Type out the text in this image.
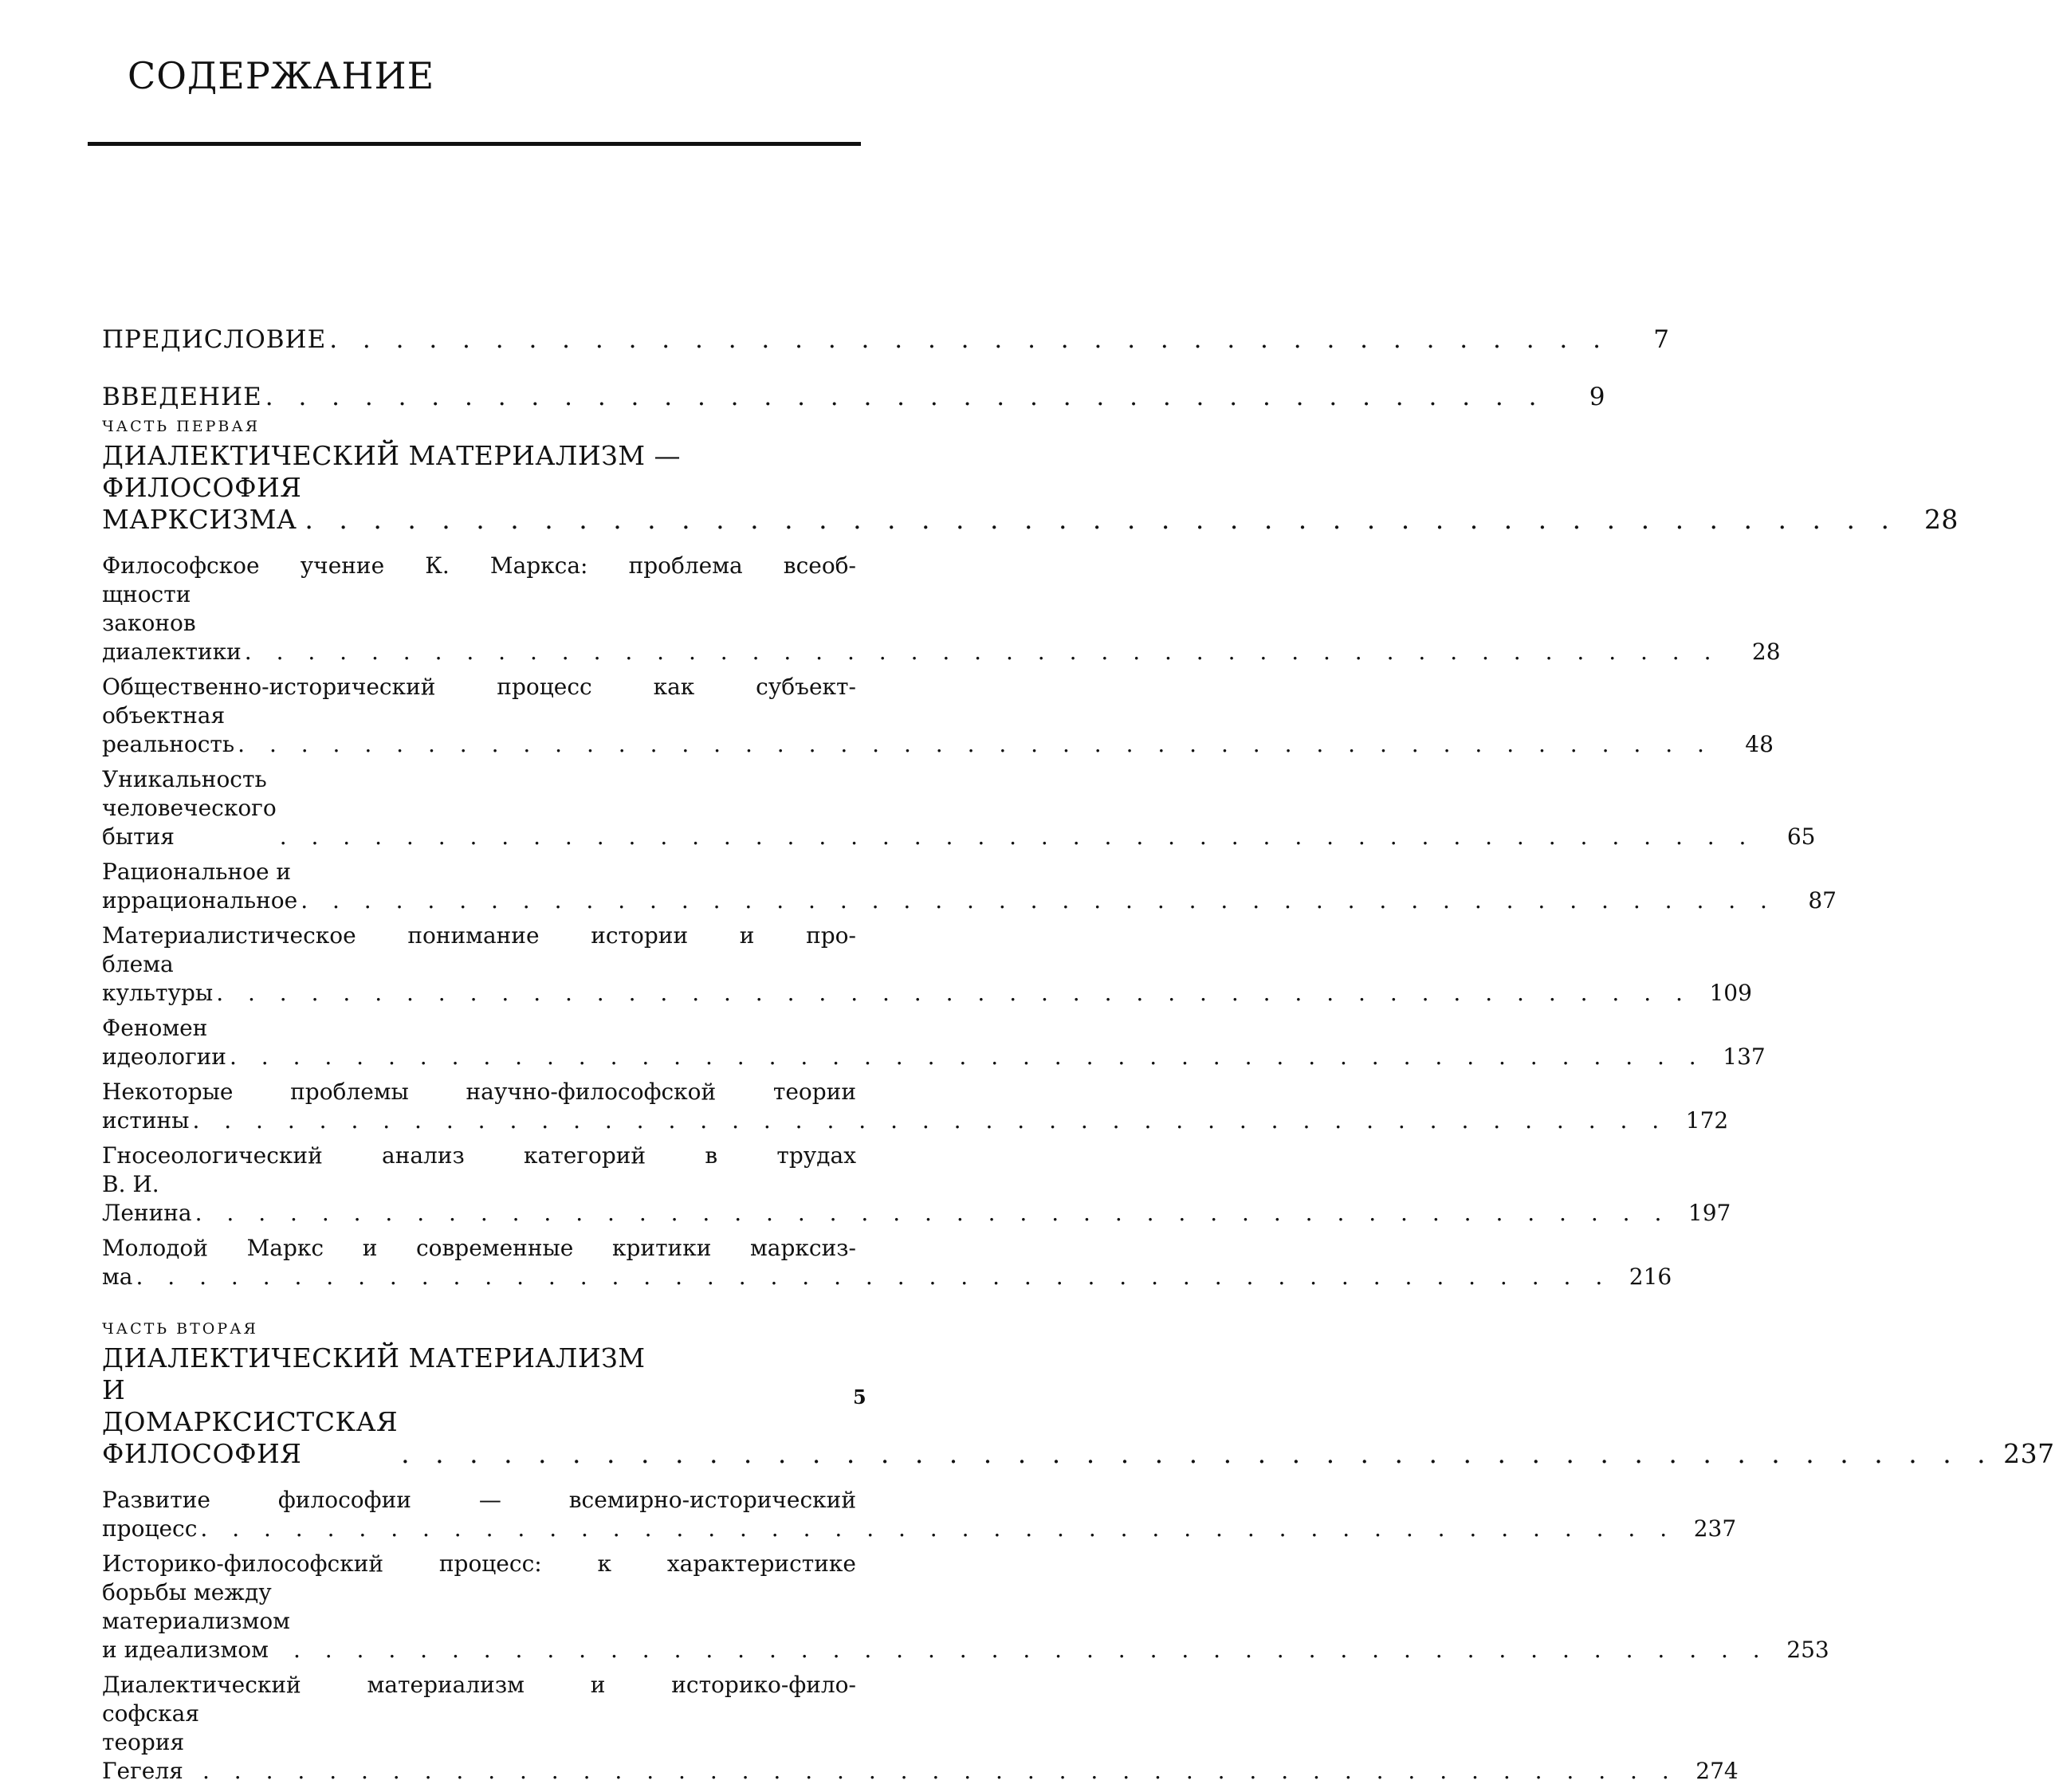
СОДЕРЖАНИЕ
ПРЕДИСЛОВИЕ . . . . . . . . . . . . . . . . . . . . . . . . . . . . . . . . . . . . . . .	7
ВВЕДЕНИЕ . . . . . . . . . . . . . . . . . . . . . . . . . . . . . . . . . . . . . . .	9
ЧАСТЬ ПЕРВАЯ
ДИАЛЕКТИЧЕСКИЙ МАТЕРИАЛИЗМ —
ФИЛОСОФИЯ МАРКСИЗМА . . . . . . . . . . . . . . . . . . . . . . . . . . . . . . . . . . . . . . . . . . . . . . .	28
Философское учение К. Маркса: проблема всеоб-
щности законов диалектики . . . . . . . . . . . . . . . . . . . . . . . . . . . . . . . . . . . . . . . . . . . . . . .	28
Общественно-исторический процесс как субъект-
объектная реальность . . . . . . . . . . . . . . . . . . . . . . . . . . . . . . . . . . . . . . . . . . . . . . .	48
Уникальность человеческого бытия	. . . . . . . . . . . . . . . . . . . . . . . . . . . . . . . . . . . . . . . . . . . . . . .	65
Рациональное и иррациональное . . . . . . . . . . . . . . . . . . . . . . . . . . . . . . . . . . . . . . . . . . . . . . .	87
Материалистическое понимание истории и про-
блема культуры . . . . . . . . . . . . . . . . . . . . . . . . . . . . . . . . . . . . . . . . . . . . . . . 109
Феномен идеологии . . . . . . . . . . . . . . . . . . . . . . . . . . . . . . . . . . . . . . . . . . . . . . . 137
Некоторые проблемы научно-философской теории
истины . . . . . . . . . . . . . . . . . . . . . . . . . . . . . . . . . . . . . . . . . . . . . . . 172
Гносеологический анализ категорий в трудах
В. И. Ленина . . . . . . . . . . . . . . . . . . . . . . . . . . . . . . . . . . . . . . . . . . . . . . . 197
Молодой Маркс и современные критики марксиз-
ма . . . . . . . . . . . . . . . . . . . . . . . . . . . . . . . . . . . . . . . . . . . . . . . 216
ЧАСТЬ ВТОРАЯ
ДИАЛЕКТИЧЕСКИЙ МАТЕРИАЛИЗМ
И ДОМАРКСИСТСКАЯ ФИЛОСОФИЯ	. . . . . . . . . . . . . . . . . . . . . . . . . . . . . . . . . . . . . . . . . . . . . . . 237
Развитие философии — всемирно-исторический
процесс . . . . . . . . . . . . . . . . . . . . . . . . . . . . . . . . . . . . . . . . . . . . . . . 237
Историко-философский процесс: к характеристике
борьбы между материализмом и идеализмом	. . . . . . . . . . . . . . . . . . . . . . . . . . . . . . . . . . . . . . . . . . . . . . . 253
Диалектический материализм и историко-фило-
софская теория Гегеля . . . . . . . . . . . . . . . . . . . . . . . . . . . . . . . . . . . . . . . . . . . . . . . 274
5
